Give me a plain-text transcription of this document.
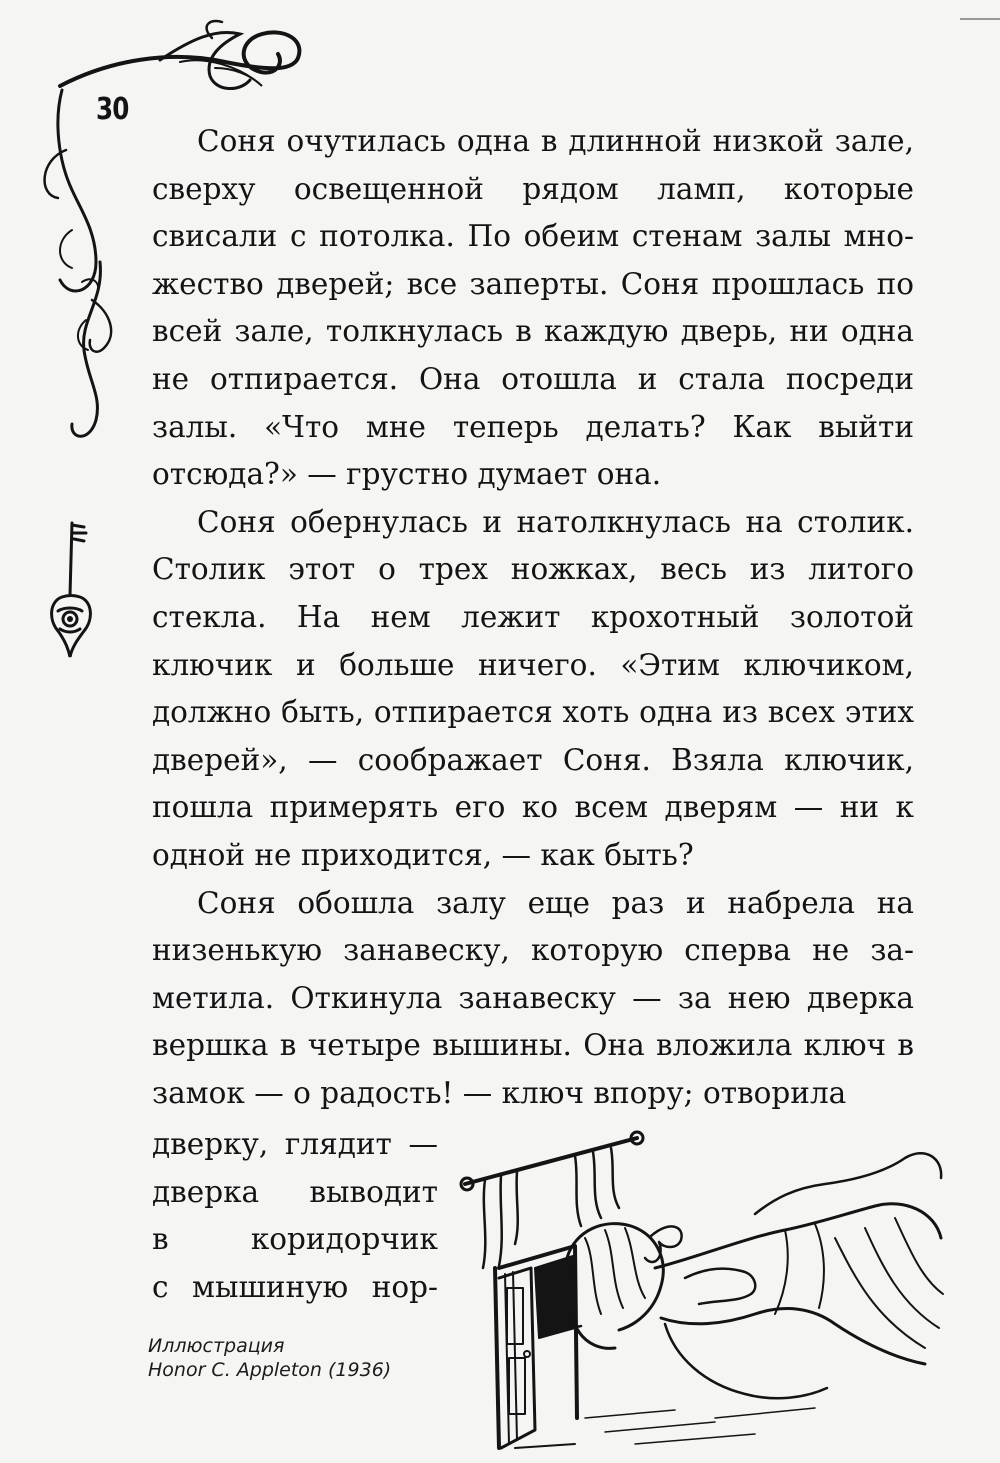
30

Соня очутилась одна в длинной низкой зале, сверху освещенной рядом ламп, которые свисали с потолка. По обеим стенам залы множество дверей; все заперты. Соня прошлась по всей зале, толкнулась в каждую дверь, ни одна не отпирается. Она отошла и стала посреди залы. «Что мне теперь делать? Как выйти отсюда?» — грустно думает она.

Соня обернулась и натолкнулась на столик. Столик этот о трех ножках, весь из литого стекла. На нем лежит крохотный золотой ключик и больше ничего. «Этим ключиком, должно быть, отпирается хоть одна из всех этих дверей», — соображает Соня. Взяла ключик, пошла примерять его ко всем дверям — ни к одной не приходится, — как быть?

Соня обошла залу еще раз и набрела на низенькую занавеску, которую сперва не заметила. Откинула занавеску — за нею дверка вершка в четыре вышины. Она вложила ключ в замок — о радость! — ключ впору; отворила

дверку, глядит —
дверка выводит
в коридорчик
с мышиную нор-
Иллюстрация
Honor C. Appleton (1936)
